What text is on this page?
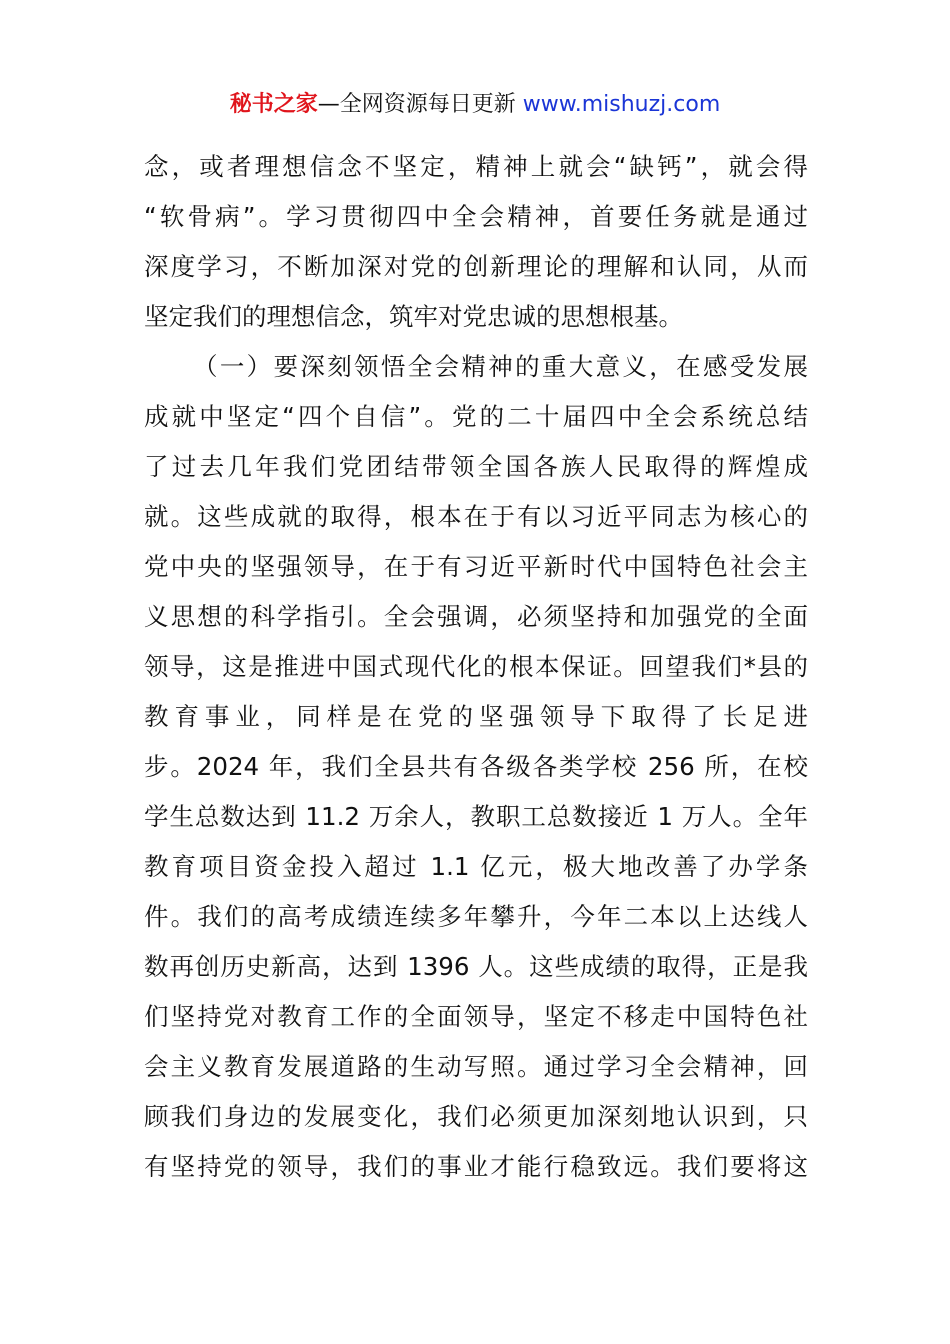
秘书之家—全网资源每日更新 www.mishuzj.com
念，或者理想信念不坚定，精神上就会“缺钙”，就会得
“软骨病”。学习贯彻四中全会精神，首要任务就是通过
深度学习，不断加深对党的创新理论的理解和认同，从而
坚定我们的理想信念，筑牢对党忠诚的思想根基。
（一）要深刻领悟全会精神的重大意义，在感受发展
成就中坚定“四个自信”。党的二十届四中全会系统总结
了过去几年我们党团结带领全国各族人民取得的辉煌成
就。这些成就的取得，根本在于有以习近平同志为核心的
党中央的坚强领导，在于有习近平新时代中国特色社会主
义思想的科学指引。全会强调，必须坚持和加强党的全面
领导，这是推进中国式现代化的根本保证。回望我们*县的
教育事业，同样是在党的坚强领导下取得了长足进
步。2024 年，我们全县共有各级各类学校 256 所，在校
学生总数达到 11.2 万余人，教职工总数接近 1 万人。全年
教育项目资金投入超过 1.1 亿元，极大地改善了办学条
件。我们的高考成绩连续多年攀升，今年二本以上达线人
数再创历史新高，达到 1396 人。这些成绩的取得，正是我
们坚持党对教育工作的全面领导，坚定不移走中国特色社
会主义教育发展道路的生动写照。通过学习全会精神，回
顾我们身边的发展变化，我们必须更加深刻地认识到，只
有坚持党的领导，我们的事业才能行稳致远。我们要将这
